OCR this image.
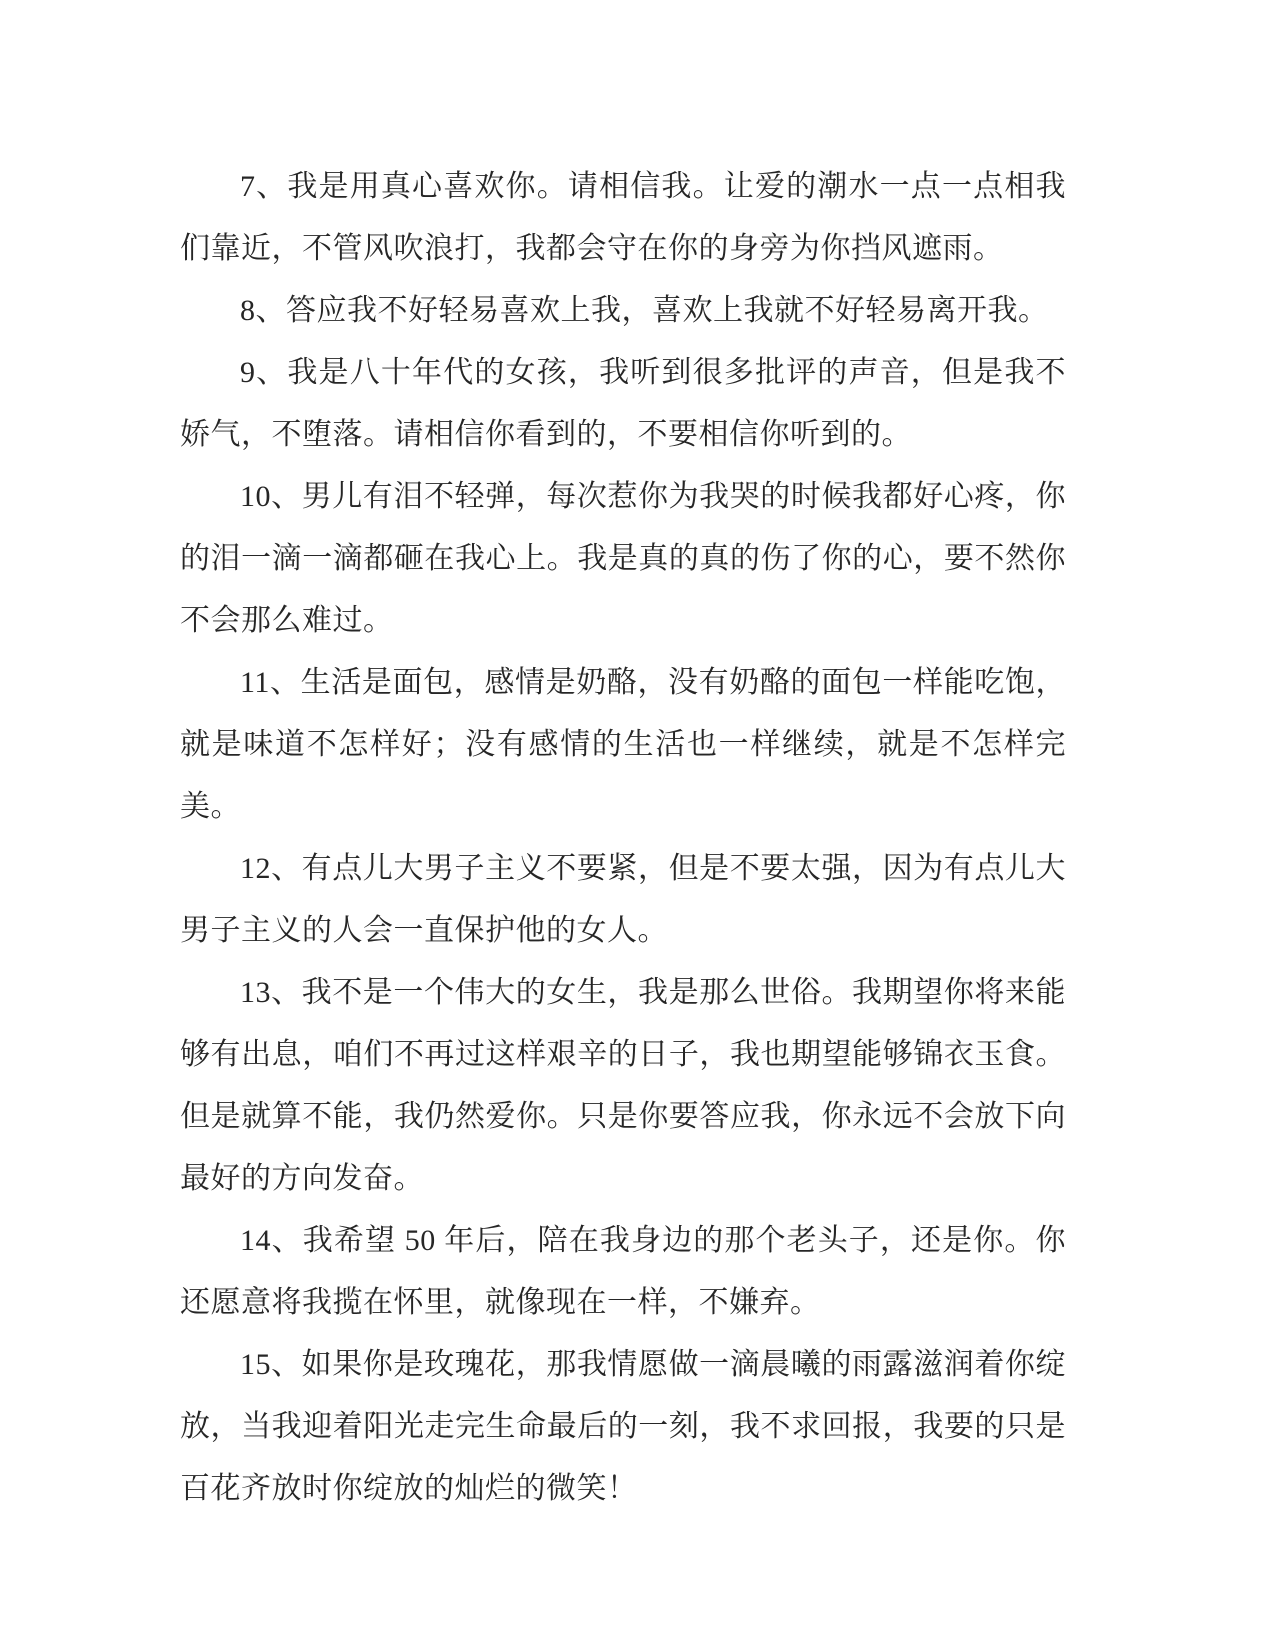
7、我是用真心喜欢你。请相信我。让爱的潮水一点一点相我们靠近，不管风吹浪打，我都会守在你的身旁为你挡风遮雨。

8、答应我不好轻易喜欢上我，喜欢上我就不好轻易离开我。

9、我是八十年代的女孩，我听到很多批评的声音，但是我不娇气，不堕落。请相信你看到的，不要相信你听到的。

10、男儿有泪不轻弹，每次惹你为我哭的时候我都好心疼，你的泪一滴一滴都砸在我心上。我是真的真的伤了你的心，要不然你不会那么难过。

11、生活是面包，感情是奶酪，没有奶酪的面包一样能吃饱，就是味道不怎样好；没有感情的生活也一样继续，就是不怎样完美。

12、有点儿大男子主义不要紧，但是不要太强，因为有点儿大男子主义的人会一直保护他的女人。

13、我不是一个伟大的女生，我是那么世俗。我期望你将来能够有出息，咱们不再过这样艰辛的日子，我也期望能够锦衣玉食。但是就算不能，我仍然爱你。只是你要答应我，你永远不会放下向最好的方向发奋。

14、我希望 50 年后，陪在我身边的那个老头子，还是你。你还愿意将我揽在怀里，就像现在一样，不嫌弃。

15、如果你是玫瑰花，那我情愿做一滴晨曦的雨露滋润着你绽放，当我迎着阳光走完生命最后的一刻，我不求回报，我要的只是百花齐放时你绽放的灿烂的微笑！
